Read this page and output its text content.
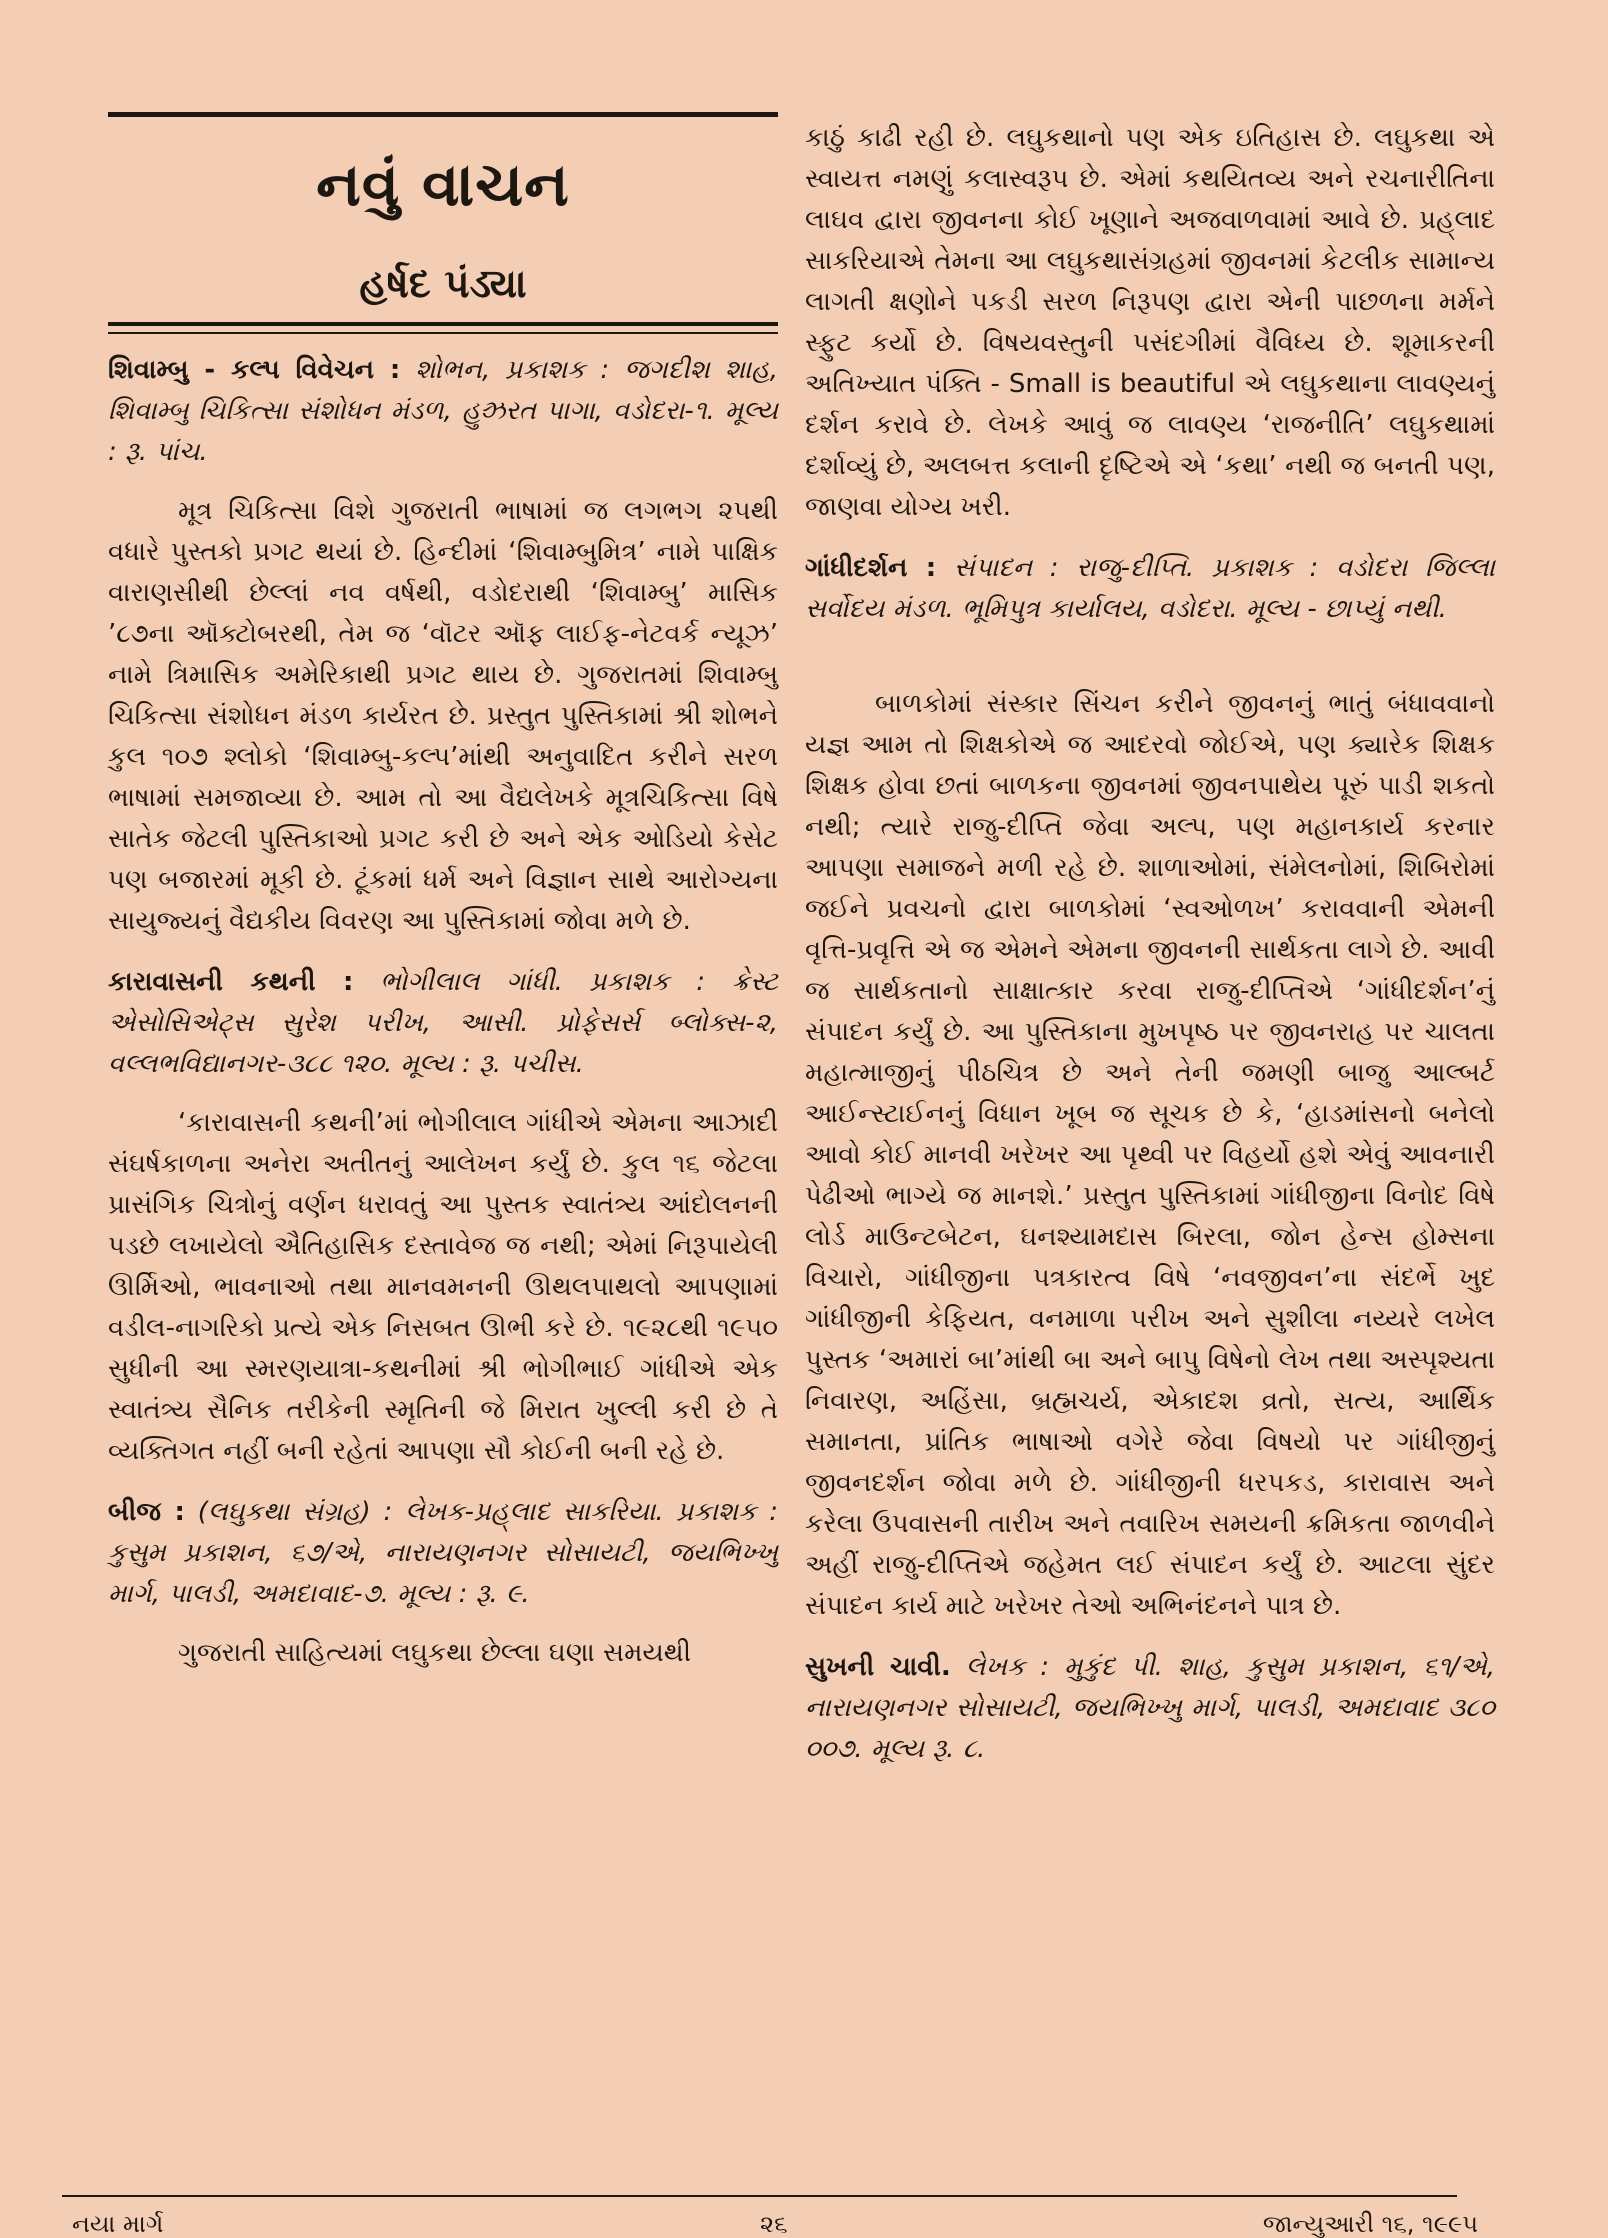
નવું વાચન
હર્ષદ પંડ્યા

શિવામ્બુ - કલ્પ વિવેચન : શોભન, પ્રકાશક : જગદીશ શાહ, શિવામ્બુ ચિકિત્સા સંશોધન મંડળ, હુઝ્રરત પાગા, વડોદરા-૧. મૂલ્ય : રૂ. પાંચ.

મૂત્ર ચિકિત્સા વિશે ગુજરાતી ભાષામાં જ લગભગ ૨૫થી વધારે પુસ્તકો પ્રગટ થયાં છે. હિન્દીમાં ‘શિવામ્બુમિત્ર’ નામે પાક્ષિક વારાણસીથી છેલ્લાં નવ વર્ષથી, વડોદરાથી ‘શિવામ્બુ’ માસિક ’૮૭ના ઑક્ટોબરથી, તેમ જ ‘વૉટર ઑફ લાઈફ-નેટવર્ક ન્યૂઝ’ નામે ત્રિમાસિક અમેરિકાથી પ્રગટ થાય છે. ગુજરાતમાં શિવામ્બુ ચિકિત્સા સંશોધન મંડળ કાર્યરત છે. પ્રસ્તુત પુસ્તિકામાં શ્રી શોભને કુલ ૧૦૭ શ્લોકો ‘શિવામ્બુ-કલ્પ’માંથી અનુવાદિત કરીને સરળ ભાષામાં સમજાવ્યા છે. આમ તો આ વૈદ્યલેખકે મૂત્રચિકિત્સા વિષે સાતેક જેટલી પુસ્તિકાઓ પ્રગટ કરી છે અને એક ઓડિયો કેસેટ પણ બજારમાં મૂકી છે. ટૂંકમાં ધર્મ અને વિજ્ઞાન સાથે આરોગ્યના સાયુજ્યનું વૈદ્યકીય વિવરણ આ પુસ્તિકામાં જોવા મળે છે.

કારાવાસની કથની : ભોગીલાલ ગાંધી. પ્રકાશક : ક્રેસ્ટ એસોસિએટ્સ સુરેશ પરીખ, આસી. પ્રોફેસર્સ બ્લોક્સ-૨, વલ્લભવિદ્યાનગર-૩૮૮ ૧૨૦. મૂલ્ય : રૂ. પચીસ.

‘કારાવાસની કથની’માં ભોગીલાલ ગાંધીએ એમના આઝાદી સંઘર્ષકાળના અનેરા અતીતનું આલેખન કર્યું છે. કુલ ૧૬ જેટલા પ્રાસંગિક ચિત્રોનું વર્ણન ધરાવતું આ પુસ્તક સ્વાતંત્ર્ય આંદોલનની પડછે લખાયેલો ઐતિહાસિક દસ્તાવેજ જ નથી; એમાં નિરૂપાયેલી ઊર્મિઓ, ભાવનાઓ તથા માનવમનની ઊથલપાથલો આપણામાં વડીલ-નાગરિકો પ્રત્યે એક નિસબત ઊભી કરે છે. ૧૯૨૮થી ૧૯૫૦ સુધીની આ સ્મરણયાત્રા-કથનીમાં શ્રી ભોગીભાઈ ગાંધીએ એક સ્વાતંત્ર્ય સૈનિક તરીકેની સ્મૃતિની જે મિરાત ખુલ્લી કરી છે તે વ્યક્તિગત નહીં બની રહેતાં આપણા સૌ કોઈની બની રહે છે.

બીજ : (લઘુકથા સંગ્રહ) : લેખક-પ્રહ્‌લાદ સાકરિયા. પ્રકાશક : કુસુમ પ્રકાશન, ૬૭/એ, નારાયણનગર સોસાયટી, જયભિખ્ખુ માર્ગ, પાલડી, અમદાવાદ-૭. મૂલ્ય : રૂ. ૯.

ગુજરાતી સાહિત્યમાં લઘુકથા છેલ્લા ઘણા સમયથી

કાઠું કાઢી રહી છે. લઘુકથાનો પણ એક ઇતિહાસ છે. લઘુકથા એ સ્વાયત્ત નમણું કલાસ્વરૂપ છે. એમાં કથયિતવ્ય અને રચનારીતિના લાઘવ દ્વારા જીવનના કોઈ ખૂણાને અજવાળવામાં આવે છે. પ્રહ્‌લાદ સાકરિયાએ તેમના આ લઘુકથાસંગ્રહમાં જીવનમાં કેટલીક સામાન્ય લાગતી ક્ષણોને પકડી સરળ નિરૂપણ દ્વારા એની પાછળના મર્મને સ્ફુટ કર્યો છે. વિષયવસ્તુની પસંદગીમાં વૈવિધ્ય છે. શૂમાકરની અતિખ્યાત પંક્તિ - Small is beautiful એ લઘુકથાના લાવણ્યનું દર્શન કરાવે છે. લેખકે આવું જ લાવણ્ય ‘રાજનીતિ’ લઘુકથામાં દર્શાવ્યું છે, અલબત્ત કલાની દૃષ્ટિએ એ ‘કથા’ નથી જ બનતી પણ, જાણવા યોગ્ય ખરી.

ગાંધીદર્શન : સંપાદન : રાજુ-દીપ્તિ. પ્રકાશક : વડોદરા જિલ્લા સર્વોદય મંડળ. ભૂમિપુત્ર કાર્યાલય, વડોદરા. મૂલ્ય - છાપ્યું નથી.

બાળકોમાં સંસ્કાર સિંચન કરીને જીવનનું ભાતું બંધાવવાનો યજ્ઞ આમ તો શિક્ષકોએ જ આદરવો જોઈએ, પણ ક્યારેક શિક્ષક શિક્ષક હોવા છતાં બાળકના જીવનમાં જીવનપાથેય પૂરું પાડી શકતો નથી; ત્યારે રાજુ-દીપ્તિ જેવા અલ્પ, પણ મહાનકાર્ય કરનાર આપણા સમાજને મળી રહે છે. શાળાઓમાં, સંમેલનોમાં, શિબિરોમાં જઈને પ્રવચનો દ્વારા બાળકોમાં ‘સ્વઓળખ’ કરાવવાની એમની વૃત્તિ-પ્રવૃત્તિ એ જ એમને એમના જીવનની સાર્થકતા લાગે છે. આવી જ સાર્થકતાનો સાક્ષાત્કાર કરવા રાજુ-દીપ્તિએ ‘ગાંધીદર્શન’નું સંપાદન કર્યું છે. આ પુસ્તિકાના મુખપૃષ્ઠ પર જીવનરાહ પર ચાલતા મહાત્માજીનું પીઠચિત્ર છે અને તેની જમણી બાજુ આલ્બર્ટ આઈન્સ્ટાઈનનું વિધાન ખૂબ જ સૂચક છે કે, ‘હાડમાંસનો બનેલો આવો કોઈ માનવી ખરેખર આ પૃથ્વી પર વિહર્યો હશે એવું આવનારી પેઢીઓ ભાગ્યે જ માનશે.’ પ્રસ્તુત પુસ્તિકામાં ગાંધીજીના વિનોદ વિષે લોર્ડ માઉન્ટબેટન, ઘનશ્યામદાસ બિરલા, જોન હેન્સ હોમ્સના વિચારો, ગાંધીજીના પત્રકારત્વ વિષે ‘નવજીવન’ના સંદર્ભે ખુદ ગાંધીજીની કેફિયત, વનમાળા પરીખ અને સુશીલા નય્યરે લખેલ પુસ્તક ‘અમારાં બા’માંથી બા અને બાપુ વિષેનો લેખ તથા અસ્પૃશ્યતા નિવારણ, અહિંસા, બ્રહ્મચર્ય, એકાદશ વ્રતો, સત્ય, આર્થિક સમાનતા, પ્રાંતિક ભાષાઓ વગેરે જેવા વિષયો પર ગાંધીજીનું જીવનદર્શન જોવા મળે છે. ગાંધીજીની ધરપકડ, કારાવાસ અને કરેલા ઉપવાસની તારીખ અને તવારિખ સમયની ક્રમિકતા જાળવીને અહીં રાજુ-દીપ્તિએ જહેમત લઈ સંપાદન કર્યું છે. આટલા સુંદર સંપાદન કાર્ય માટે ખરેખર તેઓ અભિનંદનને પાત્ર છે.

સુખની ચાવી. લેખક : મુકુંદ પી. શાહ, કુસુમ પ્રકાશન, ૬૧/એ, નારાયણનગર સોસાયટી, જયભિખ્ખુ માર્ગ, પાલડી, અમદાવાદ ૩૮૦ ૦૦૭. મૂલ્ય રૂ. ૮.

નયા માર્ગ	૨૬	જાન્યુઆરી ૧૬, ૧૯૯૫
